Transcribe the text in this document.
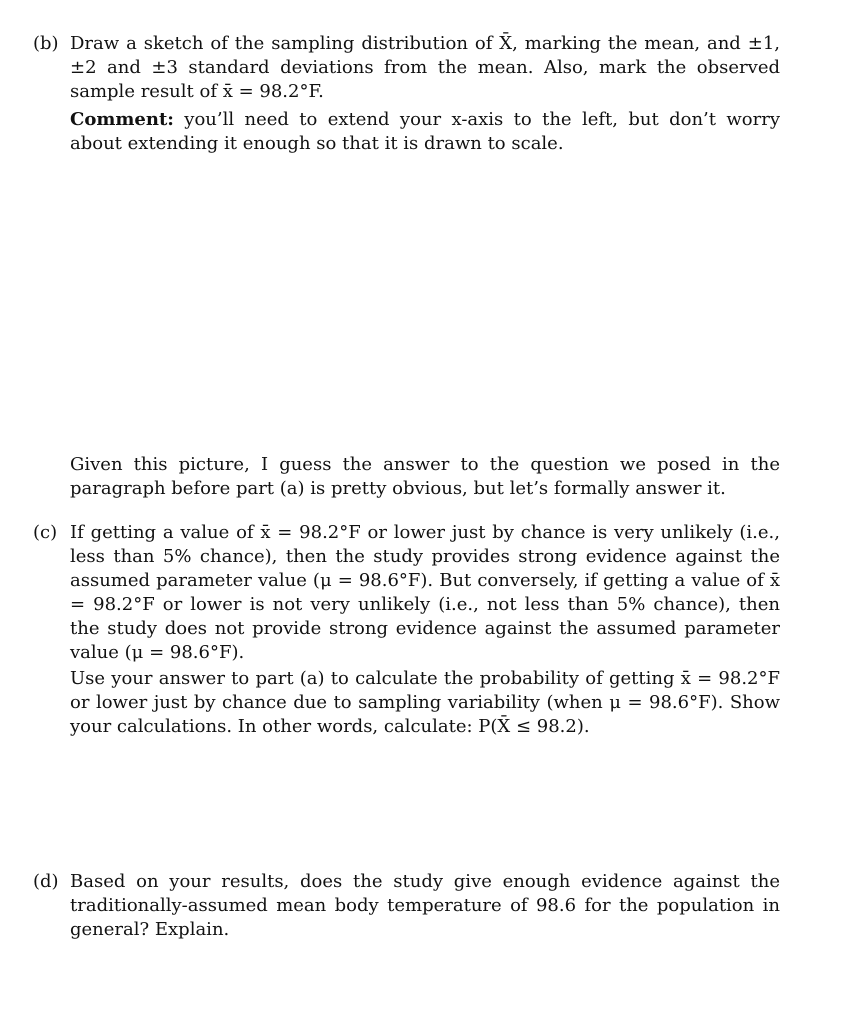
(b) Draw a sketch of the sampling distribution of X̄, marking the mean, and ±1, ±2 and ±3 standard deviations from the mean. Also, mark the observed sample result of x̄ = 98.2°F.

Comment: you’ll need to extend your x-axis to the left, but don’t worry about extending it enough so that it is drawn to scale.

Given this picture, I guess the answer to the question we posed in the paragraph before part (a) is pretty obvious, but let’s formally answer it.
(c) If getting a value of x̄ = 98.2°F or lower just by chance is very unlikely (i.e., less than 5% chance), then the study provides strong evidence against the assumed parameter value (μ = 98.6°F). But conversely, if getting a value of x̄ = 98.2°F or lower is not very unlikely (i.e., not less than 5% chance), then the study does not provide strong evidence against the assumed parameter value (μ = 98.6°F).

Use your answer to part (a) to calculate the probability of getting x̄ = 98.2°F or lower just by chance due to sampling variability (when μ = 98.6°F). Show your calculations. In other words, calculate: P(X̄ ≤ 98.2).

(d) Based on your results, does the study give enough evidence against the traditionally-assumed mean body temperature of 98.6 for the population in general? Explain.
